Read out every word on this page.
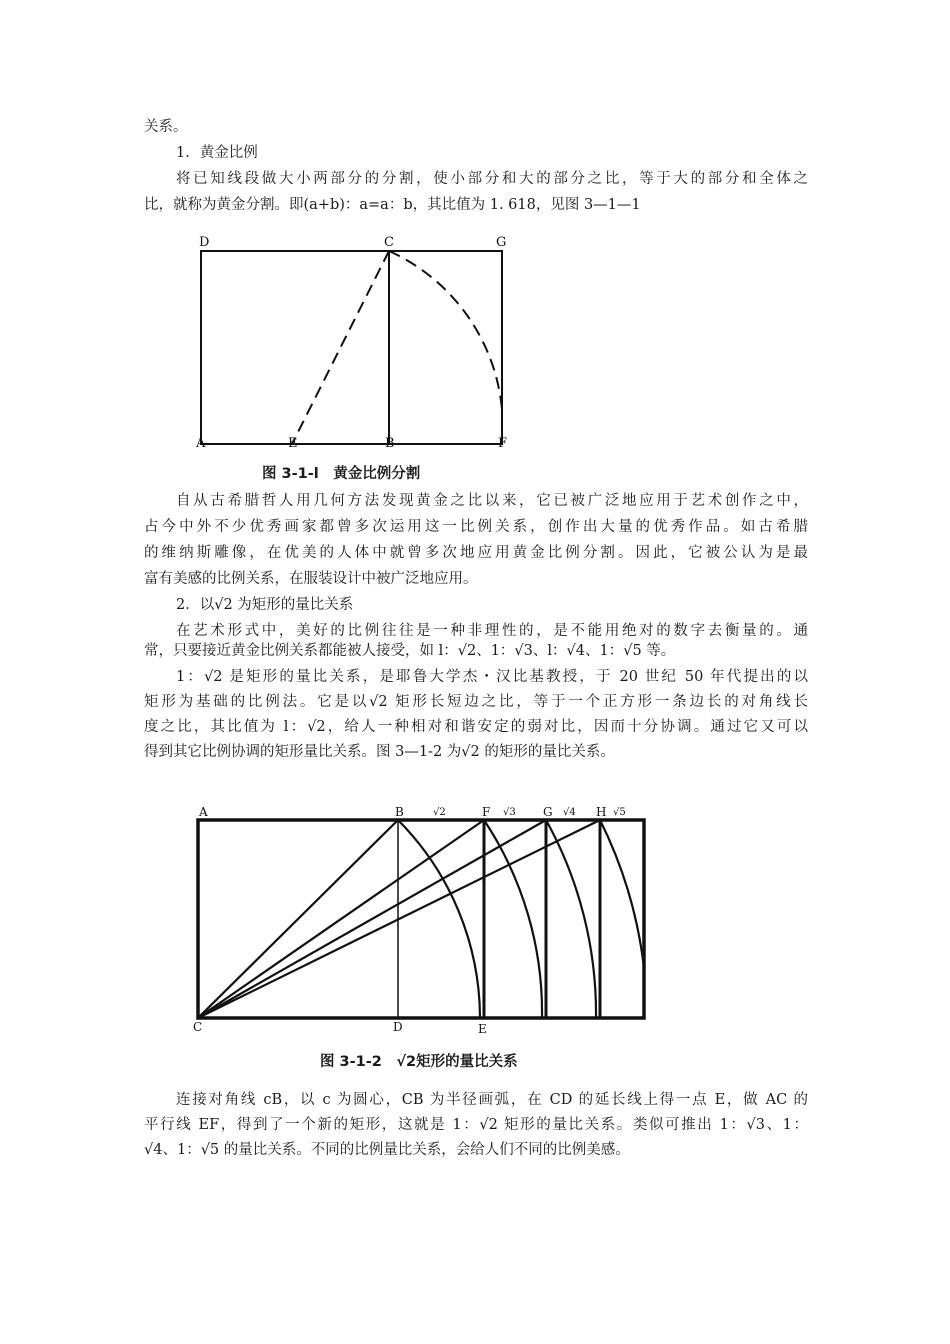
关系。
1．黄金比例
将已知线段做大小两部分的分割，使小部分和大的部分之比，等于大的部分和全体之
比，就称为黄金分割。即(a+b)：a=a：b，其比值为 1. 618，见图 3—1—1
D	C	G
A	E	B	F
A	B	√2	F √3 G √4 H √5
C	D	E
图 3-1-l　黄金比例分割
自从古希腊哲人用几何方法发现黄金之比以来，它已被广泛地应用于艺术创作之中，
占今中外不少优秀画家都曾多次运用这一比例关系，创作出大量的优秀作品。如古希腊
的维纳斯雕像，在优美的人体中就曾多次地应用黄金比例分割。因此，它被公认为是最
富有美感的比例关系，在服装设计中被广泛地应用。
2．以√2 为矩形的量比关系
在艺术形式中，美好的比例往往是一种非理性的，是不能用绝对的数字去衡量的。通
常，只要接近黄金比例关系都能被人接受，如 l：√2、1：√3、l：√4、1：√5 等。
1：√2 是矩形的量比关系，是耶鲁大学杰・汉比基教授，于 20 世纪 50 年代提出的以
矩形为基础的比例法。它是以√2 矩形长短边之比，等于一个正方形一条边长的对角线长
度之比，其比值为 l：√2，给人一种相对和谐安定的弱对比，因而十分协调。通过它又可以
得到其它比例协调的矩形量比关系。图 3—1-2 为√2 的矩形的量比关系。
图 3-1-2　√2矩形的量比关系
连接对角线 cB，以 c 为圆心，CB 为半径画弧，在 CD 的延长线上得一点 E，做 AC 的
平行线 EF，得到了一个新的矩形，这就是 1：√2 矩形的量比关系。类似可推出 1：√3、1：
√4、1：√5 的量比关系。不同的比例量比关系，会给人们不同的比例美感。
